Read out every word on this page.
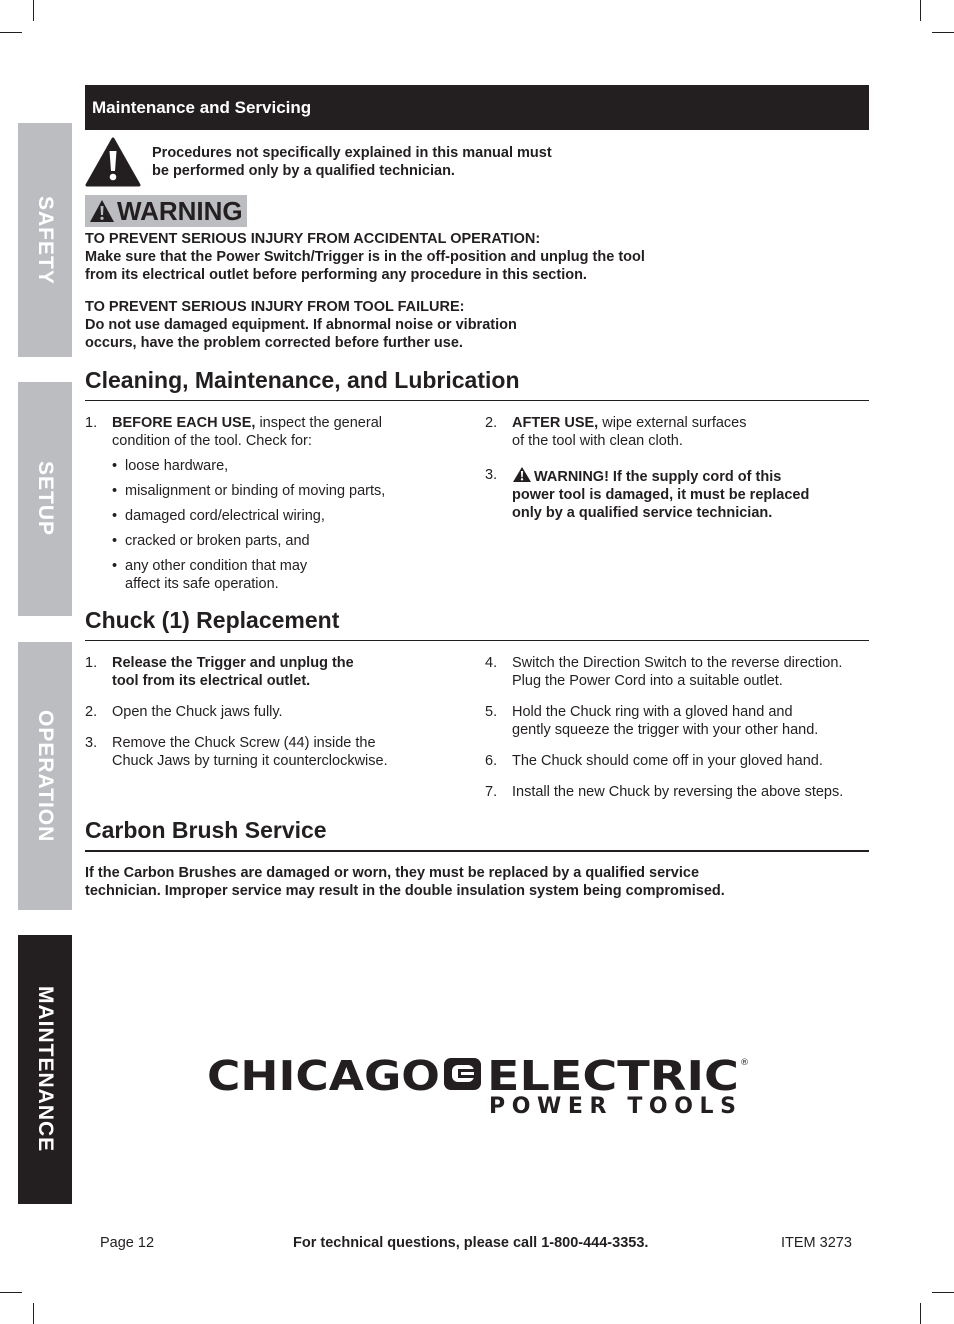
SAFETY
SETUP
OPERATION
MAINTENANCE
Maintenance and Servicing
Procedures not specifically explained in this manual must
be performed only by a qualified technician.
WARNING
TO PREVENT SERIOUS INJURY FROM ACCIDENTAL OPERATION:
Make sure that the Power Switch/Trigger is in the off-position and unplug the tool
from its electrical outlet before performing any procedure in this section.
TO PREVENT SERIOUS INJURY FROM TOOL FAILURE:
Do not use damaged equipment. If abnormal noise or vibration
occurs, have the problem corrected before further use.
Cleaning, Maintenance, and Lubrication
1. BEFORE EACH USE, inspect the general
condition of the tool. Check for:
• loose hardware,
• misalignment or binding of moving parts,
• damaged cord/electrical wiring,
• cracked or broken parts, and
• any other condition that may
affect its safe operation.
2. AFTER USE, wipe external surfaces
of the tool with clean cloth.
3.	WARNING! If the supply cord of this
power tool is damaged, it must be replaced
only by a qualified service technician.
Chuck (1) Replacement
1. Release the Trigger and unplug the
tool from its electrical outlet.
2. Open the Chuck jaws fully.
3. Remove the Chuck Screw (44) inside the
Chuck Jaws by turning it counterclockwise.
4. Switch the Direction Switch to the reverse direction.
Plug the Power Cord into a suitable outlet.
5. Hold the Chuck ring with a gloved hand and
gently squeeze the trigger with your other hand.
6. The Chuck should come off in your gloved hand.
7. Install the new Chuck by reversing the above steps.
Carbon Brush Service
If the Carbon Brushes are damaged or worn, they must be replaced by a qualified service
technician. Improper service may result in the double insulation system being compromised.
CHICAGO ELECTRIC ®
POWER TOOLS
Page 12	For technical questions, please call 1-800-444-3353.	ITEM 3273
